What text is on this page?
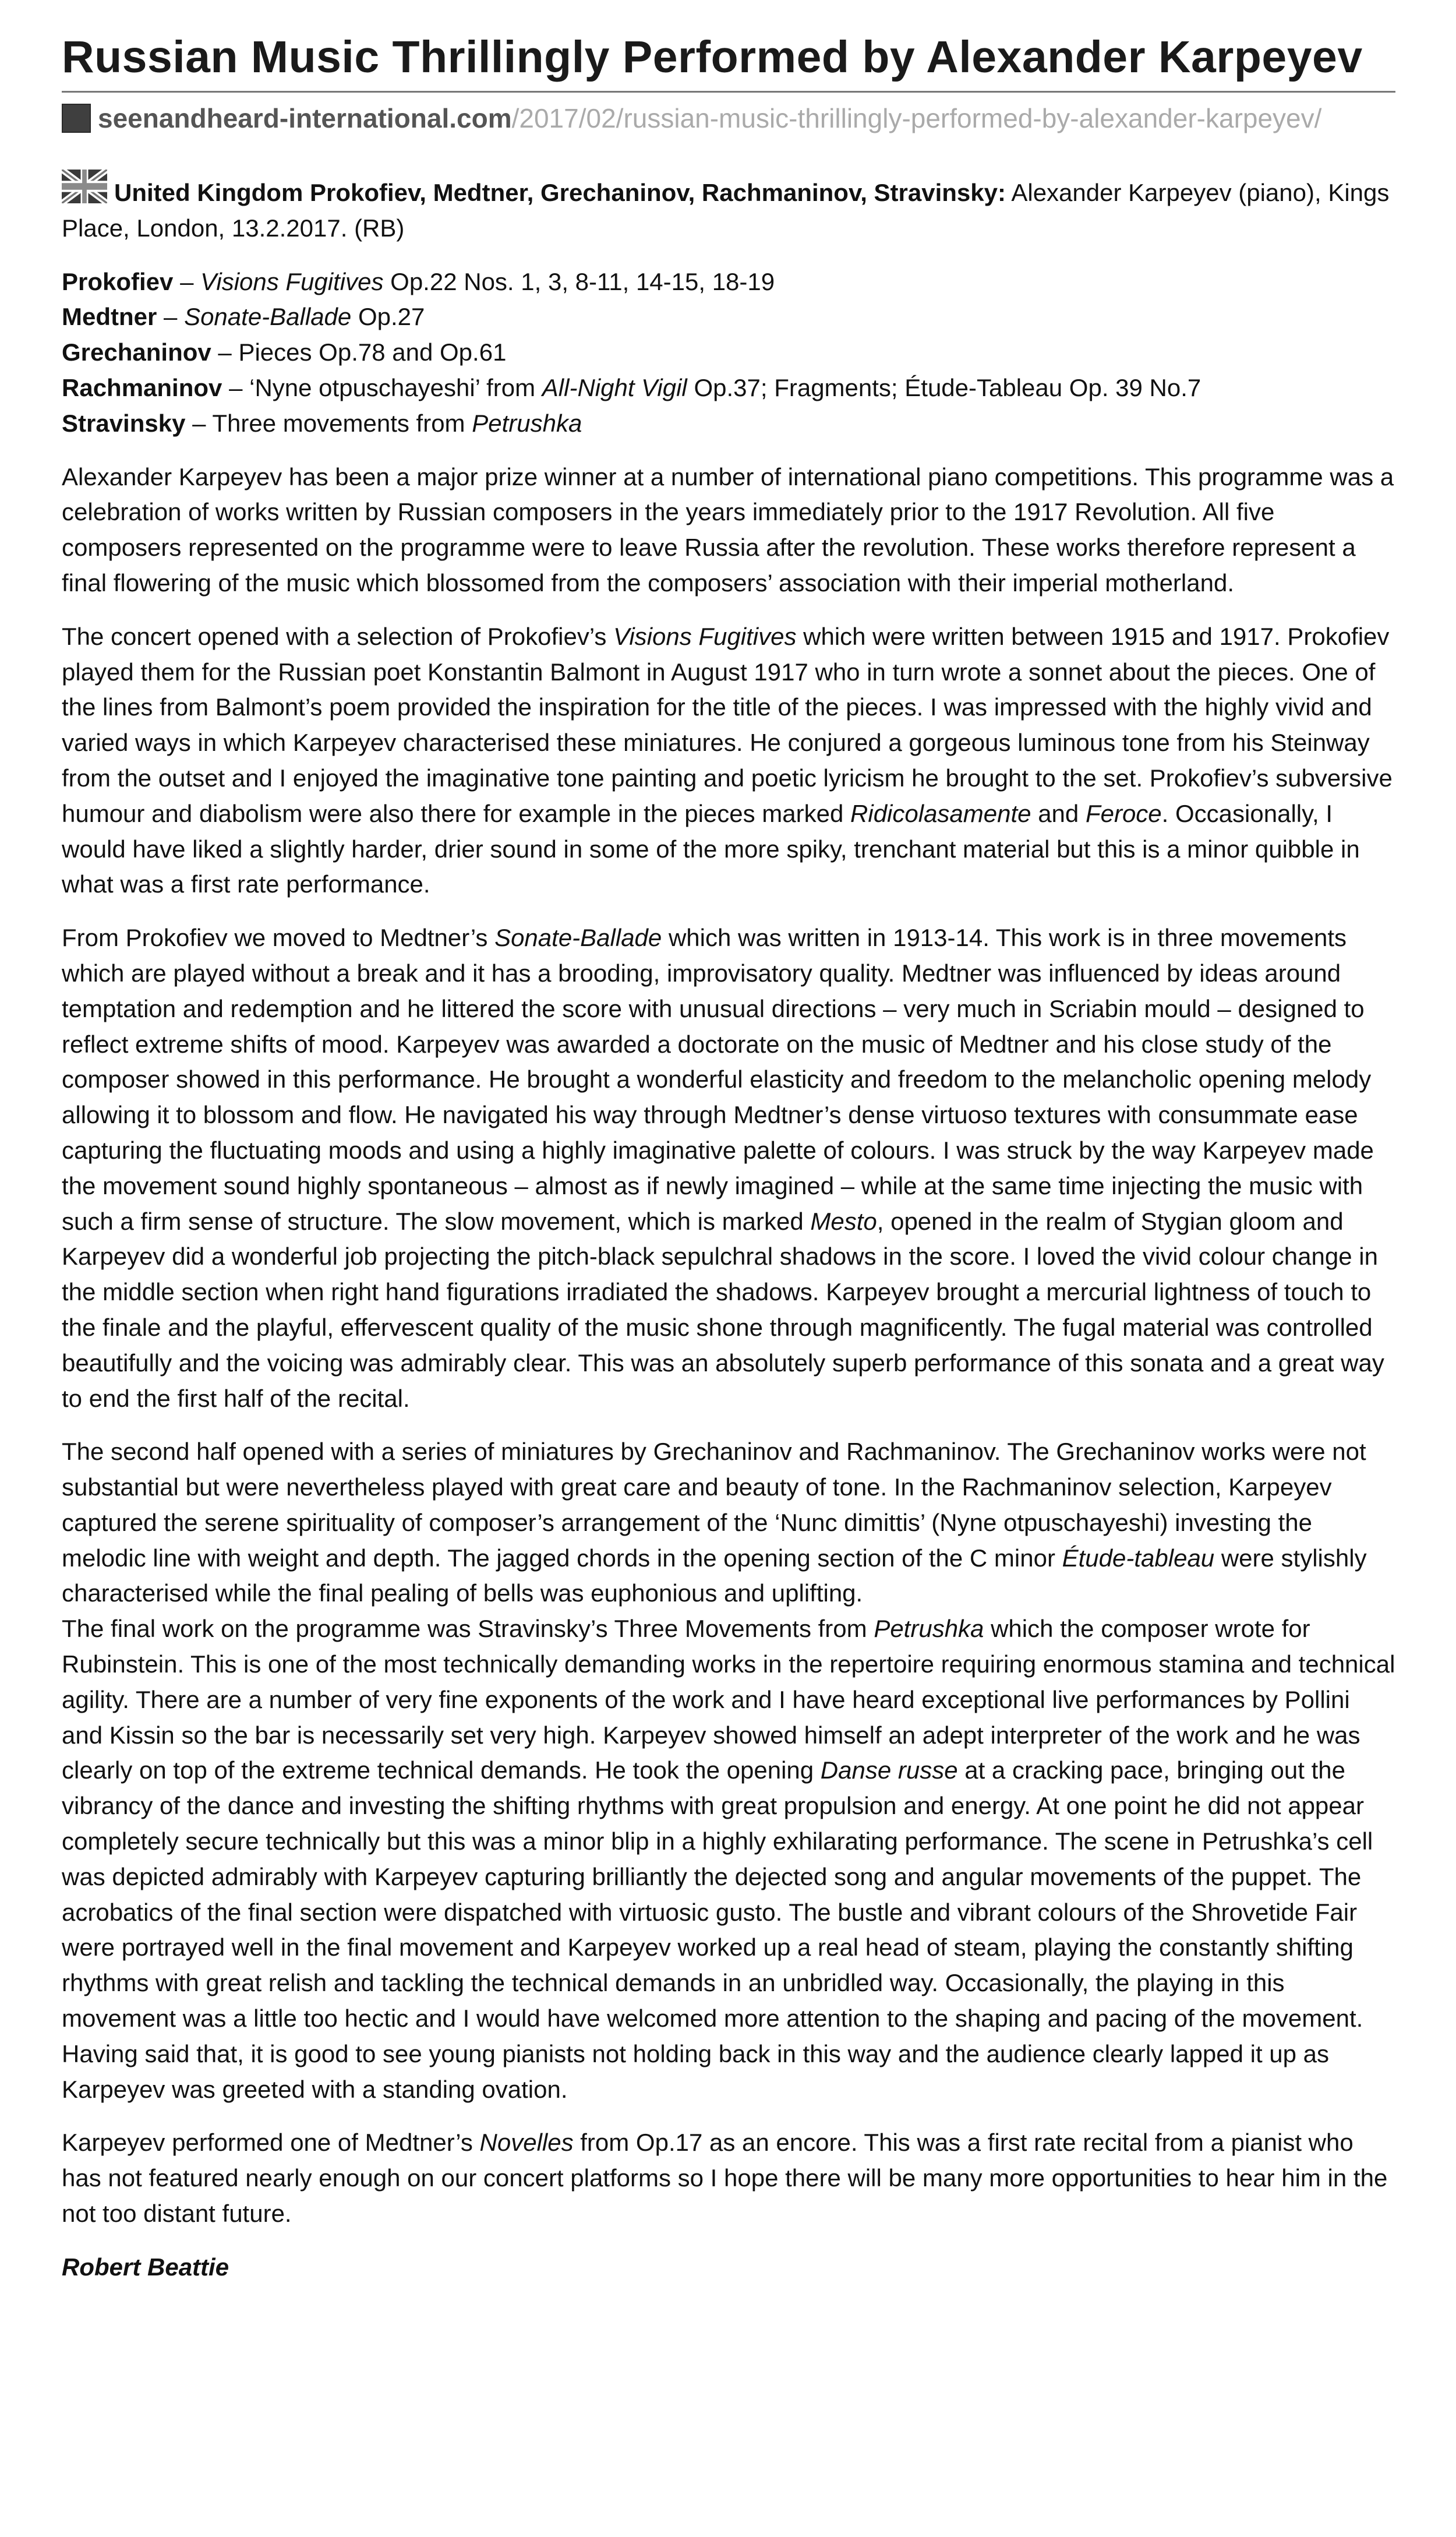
Russian Music Thrillingly Performed by Alexander Karpeyev
seenandheard-international.com /2017/02/russian-music-thrillingly-performed-by-alexander-karpeyev/

United Kingdom Prokofiev, Medtner, Grechaninov, Rachmaninov, Stravinsky: Alexander Karpeyev (piano), Kings Place, London, 13.2.2017. (RB)

Prokofiev – Visions Fugitives Op.22 Nos. 1, 3, 8-11, 14-15, 18-19
Medtner – Sonate-Ballade Op.27
Grechaninov – Pieces Op.78 and Op.61
Rachmaninov – ‘Nyne otpuschayeshi’ from All-Night Vigil Op.37; Fragments; Étude-Tableau Op. 39 No.7
Stravinsky – Three movements from Petrushka

Alexander Karpeyev has been a major prize winner at a number of international piano competitions. This programme was a celebration of works written by Russian composers in the years immediately prior to the 1917 Revolution. All five composers represented on the programme were to leave Russia after the revolution. These works therefore represent a final flowering of the music which blossomed from the composers’ association with their imperial motherland.

The concert opened with a selection of Prokofiev’s Visions Fugitives which were written between 1915 and 1917. Prokofiev played them for the Russian poet Konstantin Balmont in August 1917 who in turn wrote a sonnet about the pieces. One of the lines from Balmont’s poem provided the inspiration for the title of the pieces. I was impressed with the highly vivid and varied ways in which Karpeyev characterised these miniatures. He conjured a gorgeous luminous tone from his Steinway from the outset and I enjoyed the imaginative tone painting and poetic lyricism he brought to the set. Prokofiev’s subversive humour and diabolism were also there for example in the pieces marked Ridicolasamente and Feroce. Occasionally, I would have liked a slightly harder, drier sound in some of the more spiky, trenchant material but this is a minor quibble in what was a first rate performance.

From Prokofiev we moved to Medtner’s Sonate-Ballade which was written in 1913-14. This work is in three movements which are played without a break and it has a brooding, improvisatory quality. Medtner was influenced by ideas around temptation and redemption and he littered the score with unusual directions – very much in Scriabin mould – designed to reflect extreme shifts of mood. Karpeyev was awarded a doctorate on the music of Medtner and his close study of the composer showed in this performance. He brought a wonderful elasticity and freedom to the melancholic opening melody allowing it to blossom and flow. He navigated his way through Medtner’s dense virtuoso textures with consummate ease capturing the fluctuating moods and using a highly imaginative palette of colours. I was struck by the way Karpeyev made the movement sound highly spontaneous – almost as if newly imagined – while at the same time injecting the music with such a firm sense of structure. The slow movement, which is marked Mesto, opened in the realm of Stygian gloom and Karpeyev did a wonderful job projecting the pitch-black sepulchral shadows in the score. I loved the vivid colour change in the middle section when right hand figurations irradiated the shadows. Karpeyev brought a mercurial lightness of touch to the finale and the playful, effervescent quality of the music shone through magnificently. The fugal material was controlled beautifully and the voicing was admirably clear. This was an absolutely superb performance of this sonata and a great way to end the first half of the recital.

The second half opened with a series of miniatures by Grechaninov and Rachmaninov. The Grechaninov works were not substantial but were nevertheless played with great care and beauty of tone. In the Rachmaninov selection, Karpeyev captured the serene spirituality of composer’s arrangement of the ‘Nunc dimittis’ (Nyne otpuschayeshi) investing the melodic line with weight and depth. The jagged chords in the opening section of the C minor Étude-tableau were stylishly characterised while the final pealing of bells was euphonious and uplifting.
The final work on the programme was Stravinsky’s Three Movements from Petrushka which the composer wrote for Rubinstein. This is one of the most technically demanding works in the repertoire requiring enormous stamina and technical agility. There are a number of very fine exponents of the work and I have heard exceptional live performances by Pollini and Kissin so the bar is necessarily set very high. Karpeyev showed himself an adept interpreter of the work and he was clearly on top of the extreme technical demands. He took the opening Danse russe at a cracking pace, bringing out the vibrancy of the dance and investing the shifting rhythms with great propulsion and energy. At one point he did not appear completely secure technically but this was a minor blip in a highly exhilarating performance. The scene in Petrushka’s cell was depicted admirably with Karpeyev capturing brilliantly the dejected song and angular movements of the puppet. The acrobatics of the final section were dispatched with virtuosic gusto. The bustle and vibrant colours of the Shrovetide Fair were portrayed well in the final movement and Karpeyev worked up a real head of steam, playing the constantly shifting rhythms with great relish and tackling the technical demands in an unbridled way. Occasionally, the playing in this movement was a little too hectic and I would have welcomed more attention to the shaping and pacing of the movement. Having said that, it is good to see young pianists not holding back in this way and the audience clearly lapped it up as Karpeyev was greeted with a standing ovation.

Karpeyev performed one of Medtner’s Novelles from Op.17 as an encore. This was a first rate recital from a pianist who has not featured nearly enough on our concert platforms so I hope there will be many more opportunities to hear him in the not too distant future.

Robert Beattie
